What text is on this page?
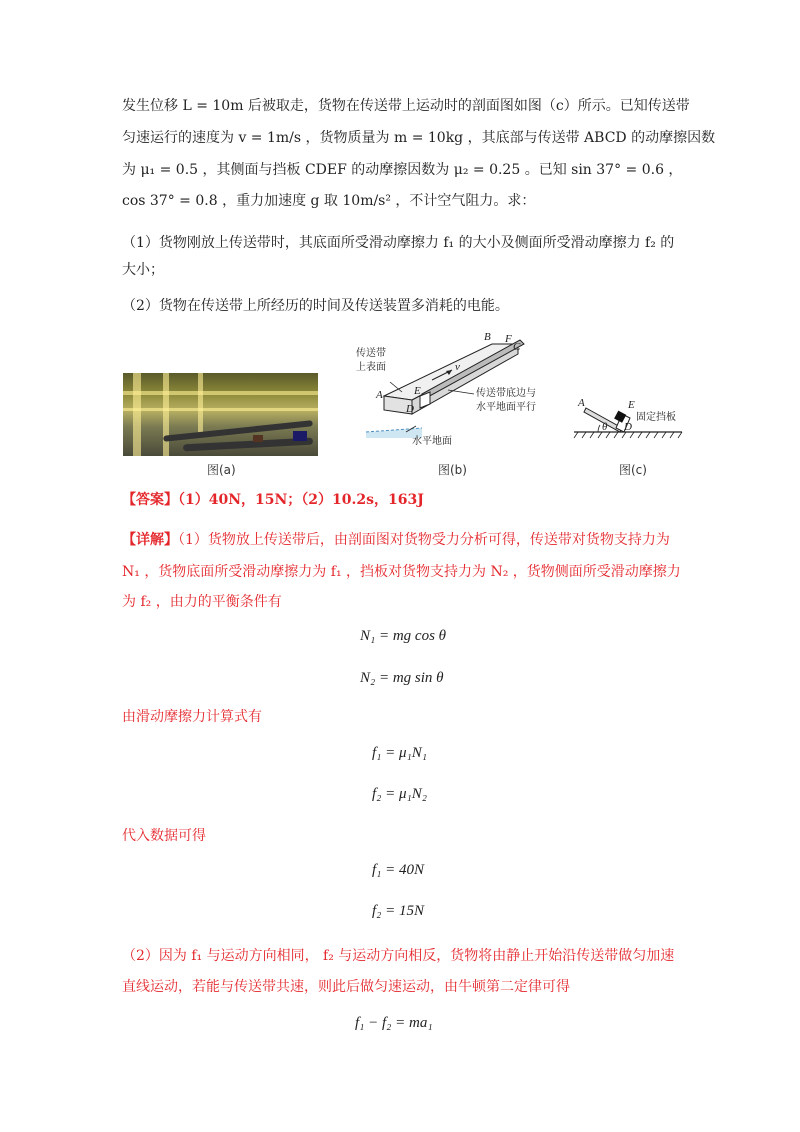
发生位移 L = 10m 后被取走，货物在传送带上运动时的剖面图如图（c）所示。已知传送带
匀速运行的速度为 v = 1m/s ，货物质量为 m = 10kg ，其底部与传送带 ABCD 的动摩擦因数
为 μ₁ = 0.5 ，其侧面与挡板 CDEF 的动摩擦因数为 μ₂ = 0.25 。已知 sin 37° = 0.6 ，
cos 37° = 0.8 ，重力加速度 g 取 10m/s² ，不计空气阻力。求：
（1）货物刚放上传送带时，其底面所受滑动摩擦力 f₁ 的大小及侧面所受滑动摩擦力 f₂ 的
大小；
（2）货物在传送带上所经历的时间及传送装置多消耗的电能。
图(a)
v
A
B
C
F
E
D
传送带
上表面
传送带底边与
水平地面平行
水平地面
图(b)
θ
A	E
D
固定挡板
图(c)
【答案】（1）40N，15N；（2）10.2s，163J
【详解】（1）货物放上传送带后，由剖面图对货物受力分析可得，传送带对货物支持力为
N₁ ，货物底面所受滑动摩擦力为 f₁ ，挡板对货物支持力为 N₂ ，货物侧面所受滑动摩擦力
为 f₂ ，由力的平衡条件有
N₁ = mg cos θ
N₂ = mg sin θ
由滑动摩擦力计算式有
f₁ = μ₁N₁
f₂ = μ₁N₂
代入数据可得
f₁ = 40N
f₂ = 15N
（2）因为 f₁ 与运动方向相同， f₂ 与运动方向相反，货物将由静止开始沿传送带做匀加速
直线运动，若能与传送带共速，则此后做匀速运动，由牛顿第二定律可得
f₁ − f₂ = ma₁
